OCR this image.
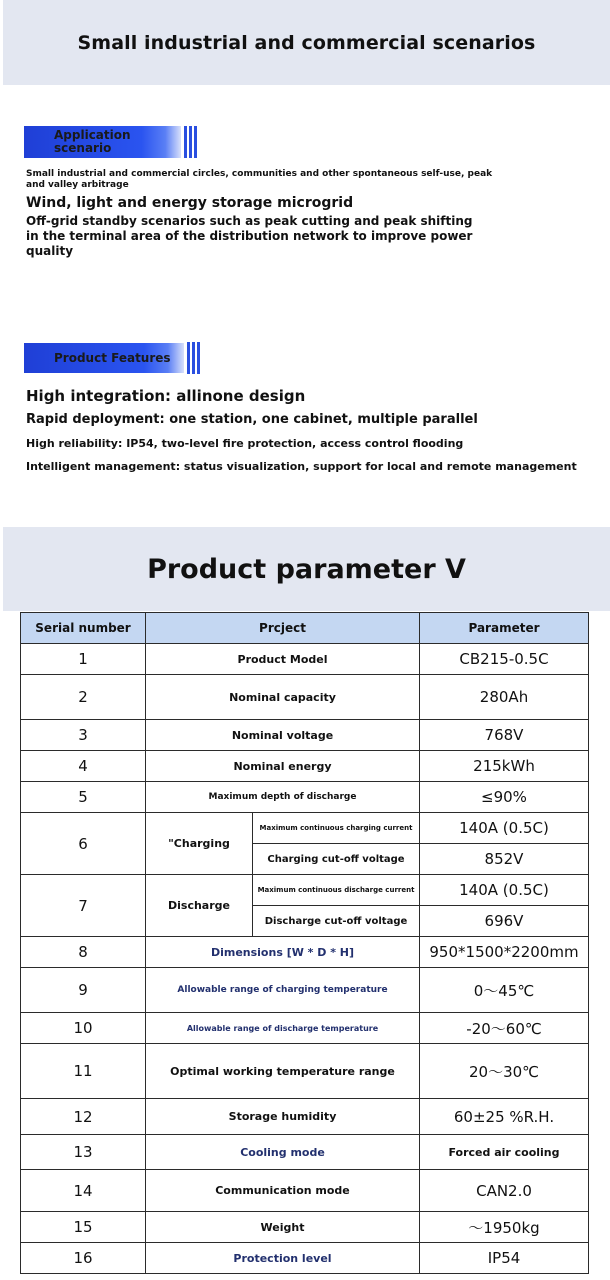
Small industrial and commercial scenarios
Application scenario
Small industrial and commercial circles, communities and other spontaneous self-use, peak and valley arbitrage
Wind, light and energy storage microgrid
Off-grid standby scenarios such as peak cutting and peak shifting in the terminal area of the distribution network to improve power quality
Product Features
High integration: allinone design
Rapid deployment: one station, one cabinet, multiple parallel
High reliability: IP54, two-level fire protection, access control flooding
Intelligent management: status visualization, support for local and remote management
Product parameter V
Serial number	Prcject		Parameter
1	Product Model		CB215-0.5C
2	Nominal capacity		280Ah
3	Nominal voltage		768V
4	Nominal energy		215kWh
5	Maximum depth of discharge		≤90%
6	"Charging	Maximum continuous charging current	140A (0.5C)
		Charging cut-off voltage	852V
7	Discharge	Maximum continuous discharge current	140A (0.5C)
		Discharge cut-off voltage	696V
8	Dimensions [W * D * H]		950*1500*2200mm
9	Allowable range of charging temperature		0～45℃
10	Allowable range of discharge temperature		-20～60℃
11	Optimal working temperature range		20～30℃
12	Storage humidity		60±25 %R.H.
13	Cooling mode		Forced air cooling
14	Communication mode		CAN2.0
15	Weight		～1950kg
16	Protection level		IP54
